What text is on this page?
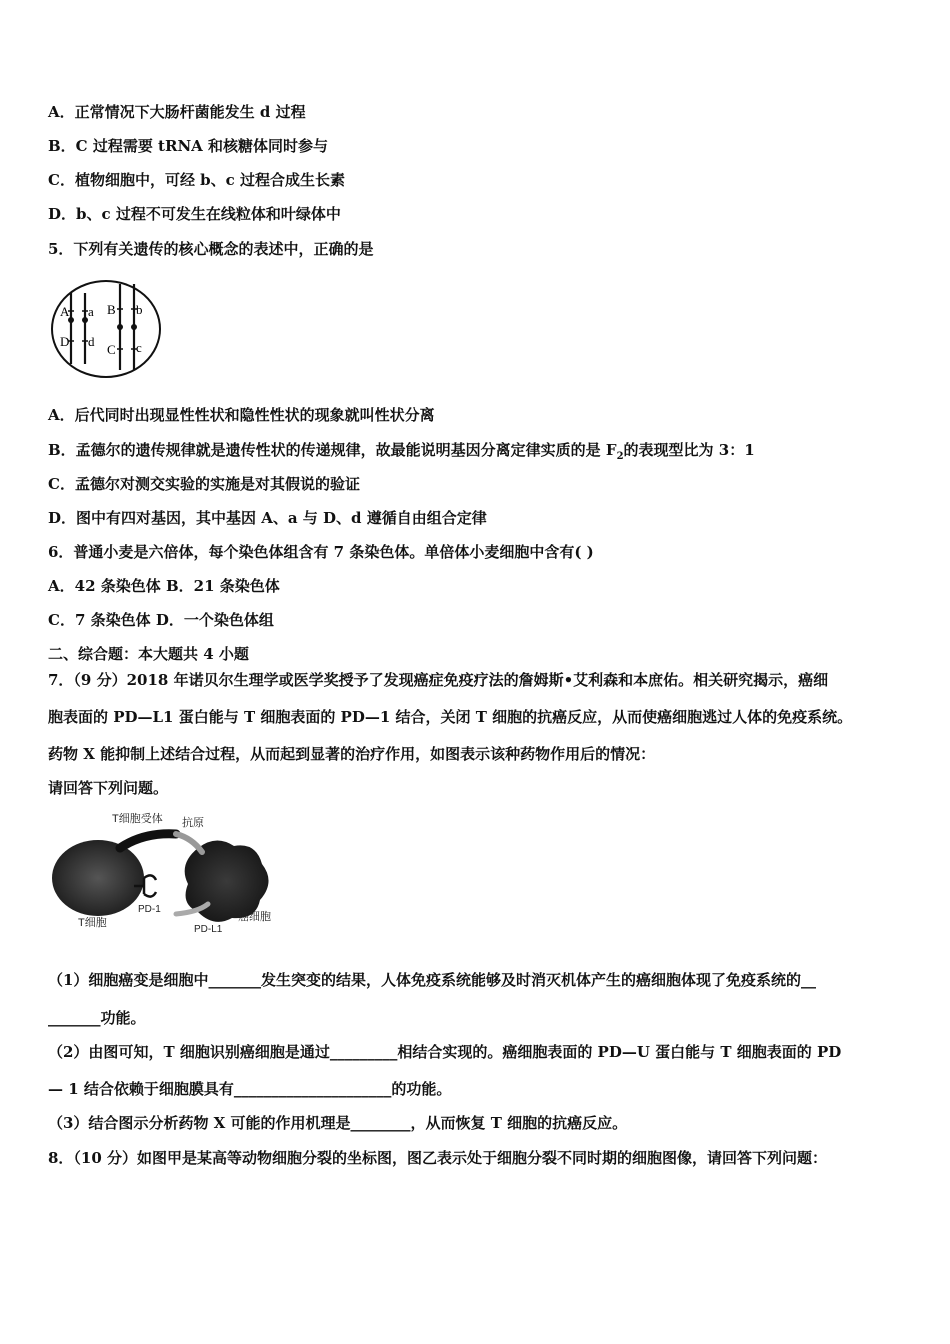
A．正常情况下大肠杆菌能发生 d 过程
B．C 过程需要 tRNA 和核糖体同时参与
C．植物细胞中，可经 b、c 过程合成生长素
D．b、c 过程不可发生在线粒体和叶绿体中
5．下列有关遗传的核心概念的表述中，正确的是
A a B b
D d
C c
A．后代同时出现显性性状和隐性性状的现象就叫性状分离
B．孟德尔的遗传规律就是遗传性状的传递规律，故最能说明基因分离定律实质的是 $F_2$的表现型比为 3：1
C．孟德尔对测交实验的实施是对其假说的验证
D．图中有四对基因，其中基因 A、a 与 D、d 遵循自由组合定律
6．普通小麦是六倍体，每个染色体组含有 7 条染色体。单倍体小麦细胞中含有( )
A．42 条染色体 B．21 条染色体
C．7 条染色体 D．一个染色体组
二、综合题：本大题共 4 小题
7．（9 分）2018 年诺贝尔生理学或医学奖授予了发现癌症免疫疗法的詹姆斯•艾利森和本庶佑。相关研究揭示，癌细
胞表面的 PD—L1 蛋白能与 T 细胞表面的 PD—1 结合，关闭 T 细胞的抗癌反应，从而使癌细胞逃过人体的免疫系统。
药物 X 能抑制上述结合过程，从而起到显著的治疗作用，如图表示该种药物作用后的情况：
请回答下列问题。
T细胞受体 抗原
PD-1
PD-L1
T细胞	癌细胞
（1）细胞癌变是细胞中_______发生突变的结果，人体免疫系统能够及时消灭机体产生的癌细胞体现了免疫系统的__
_______功能。
（2）由图可知，T 细胞识别癌细胞是通过_________相结合实现的。癌细胞表面的 PD—U 蛋白能与 T 细胞表面的 PD
— 1 结合依赖于细胞膜具有_____________________的功能。
（3）结合图示分析药物 X 可能的作用机理是________，从而恢复 T 细胞的抗癌反应。
8．（10 分）如图甲是某高等动物细胞分裂的坐标图，图乙表示处于细胞分裂不同时期的细胞图像，请回答下列问题：
